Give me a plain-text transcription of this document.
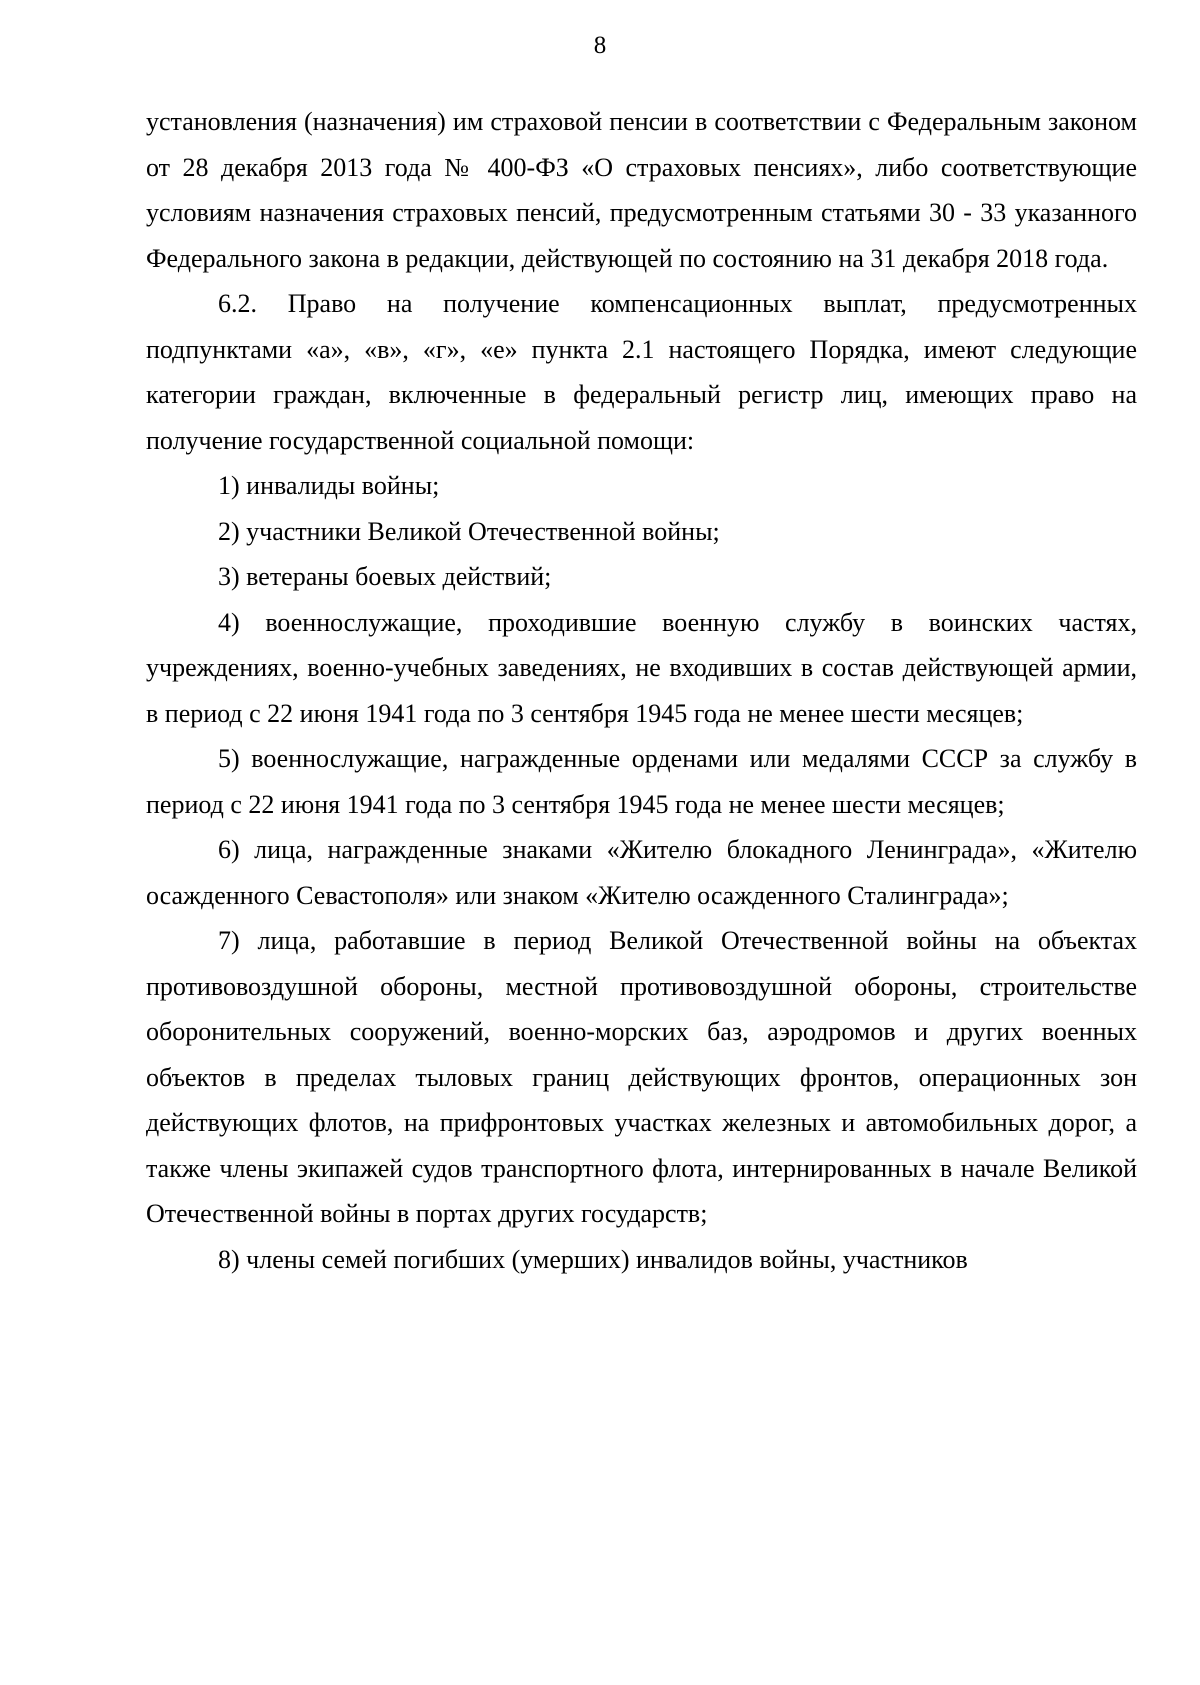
8

установления (назначения) им страховой пенсии в соответствии с Федеральным законом от 28 декабря 2013 года № 400-ФЗ «О страховых пенсиях», либо соответствующие условиям назначения страховых пенсий, предусмотренным статьями 30 - 33 указанного Федерального закона в редакции, действующей по состоянию на 31 декабря 2018 года.

6.2. Право на получение компенсационных выплат, предусмотренных подпунктами «а», «в», «г», «е» пункта 2.1 настоящего Порядка, имеют следующие категории граждан, включенные в федеральный регистр лиц, имеющих право на получение государственной социальной помощи:

1) инвалиды войны;

2) участники Великой Отечественной войны;

3) ветераны боевых действий;

4) военнослужащие, проходившие военную службу в воинских частях, учреждениях, военно-учебных заведениях, не входивших в состав действующей армии, в период с 22 июня 1941 года по 3 сентября 1945 года не менее шести месяцев;

5) военнослужащие, награжденные орденами или медалями СССР за службу в период с 22 июня 1941 года по 3 сентября 1945 года не менее шести месяцев;

6) лица, награжденные знаками «Жителю блокадного Ленинграда», «Жителю осажденного Севастополя» или знаком «Жителю осажденного Сталинграда»;

7) лица, работавшие в период Великой Отечественной войны на объектах противовоздушной обороны, местной противовоздушной обороны, строительстве оборонительных сооружений, военно-морских баз, аэродромов и других военных объектов в пределах тыловых границ действующих фронтов, операционных зон действующих флотов, на прифронтовых участках железных и автомобильных дорог, а также члены экипажей судов транспортного флота, интернированных в начале Великой Отечественной войны в портах других государств;

8) члены семей погибших (умерших) инвалидов войны, участников
